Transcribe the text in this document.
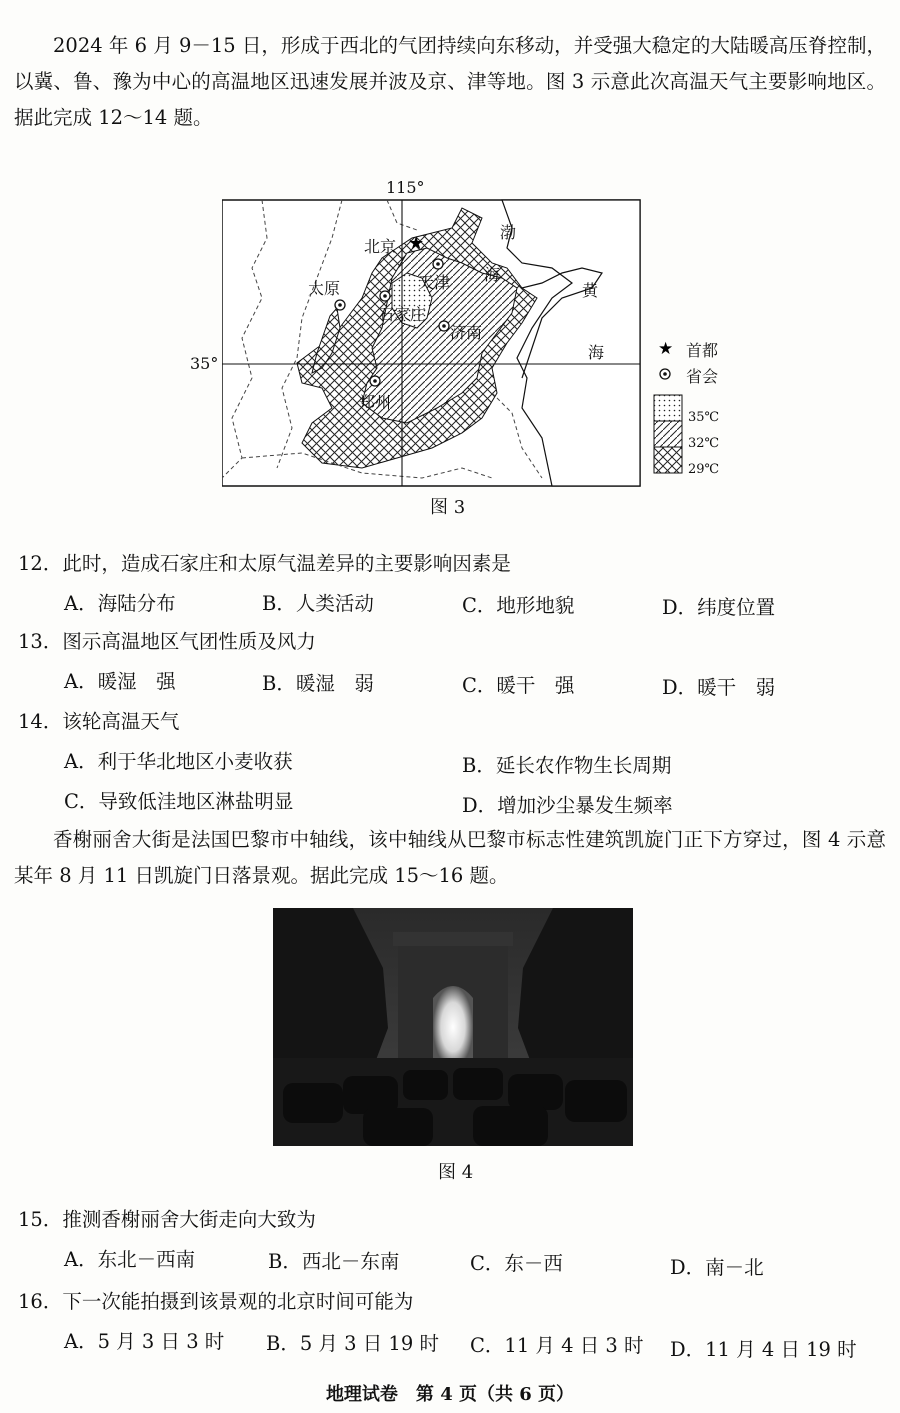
2024 年 6 月 9－15 日，形成于西北的气团持续向东移动，并受强大稳定的大陆暖高压脊控制，以冀、鲁、豫为中心的高温地区迅速发展并波及京、津等地。图 3 示意此次高温天气主要影响地区。据此完成 12～14 题。
★
★
115°
35°
北京
天津
太原
石家庄
济南
郑州
渤
海
黄
海	首都
省会
35℃
32℃
29℃
图 3
12．此时，造成石家庄和太原气温差异的主要影响因素是
A．海陆分布	B．人类活动	C．地形地貌	D．纬度位置
13．图示高温地区气团性质及风力
A．暖湿　强	B．暖湿　弱	C．暖干　强	D．暖干　弱
14．该轮高温天气
A．利于华北地区小麦收获	B．延长农作物生长周期
C．导致低洼地区淋盐明显	D．增加沙尘暴发生频率
香榭丽舍大街是法国巴黎市中轴线，该中轴线从巴黎市标志性建筑凯旋门正下方穿过，图 4 示意某年 8 月 11 日凯旋门日落景观。据此完成 15～16 题。
图 4
15．推测香榭丽舍大街走向大致为
A．东北－西南	B．西北－东南	C．东－西	D．南－北
16．下一次能拍摄到该景观的北京时间可能为
A．5 月 3 日 3 时 B．5 月 3 日 19 时 C．11 月 4 日 3 时 D．11 月 4 日 19 时
地理试卷　第 4 页（共 6 页）
